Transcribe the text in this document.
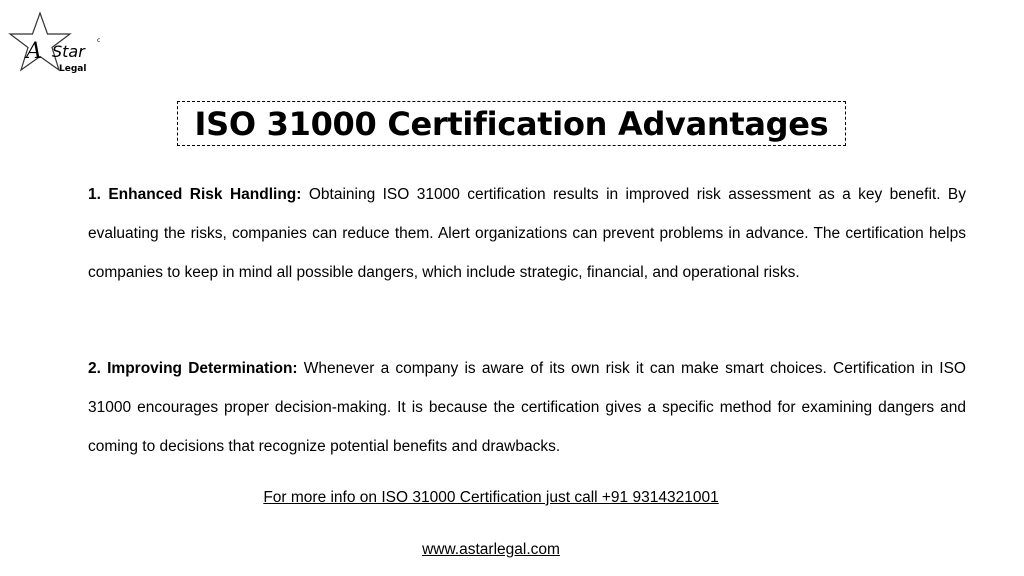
A Star
Legal
c
ISO 31000 Certification Advantages

1. Enhanced Risk Handling: Obtaining ISO 31000 certification results in improved risk assessment as a key benefit. By evaluating the risks, companies can reduce them. Alert organizations can prevent problems in advance. The certification helps companies to keep in mind all possible dangers, which include strategic, financial, and operational risks.

2. Improving Determination: Whenever a company is aware of its own risk it can make smart choices. Certification in ISO 31000 encourages proper decision-making. It is because the certification gives a specific method for examining dangers and coming to decisions that recognize potential benefits and drawbacks.

For more info on ISO 31000 Certification just call +91 9314321001

www.astarlegal.com
